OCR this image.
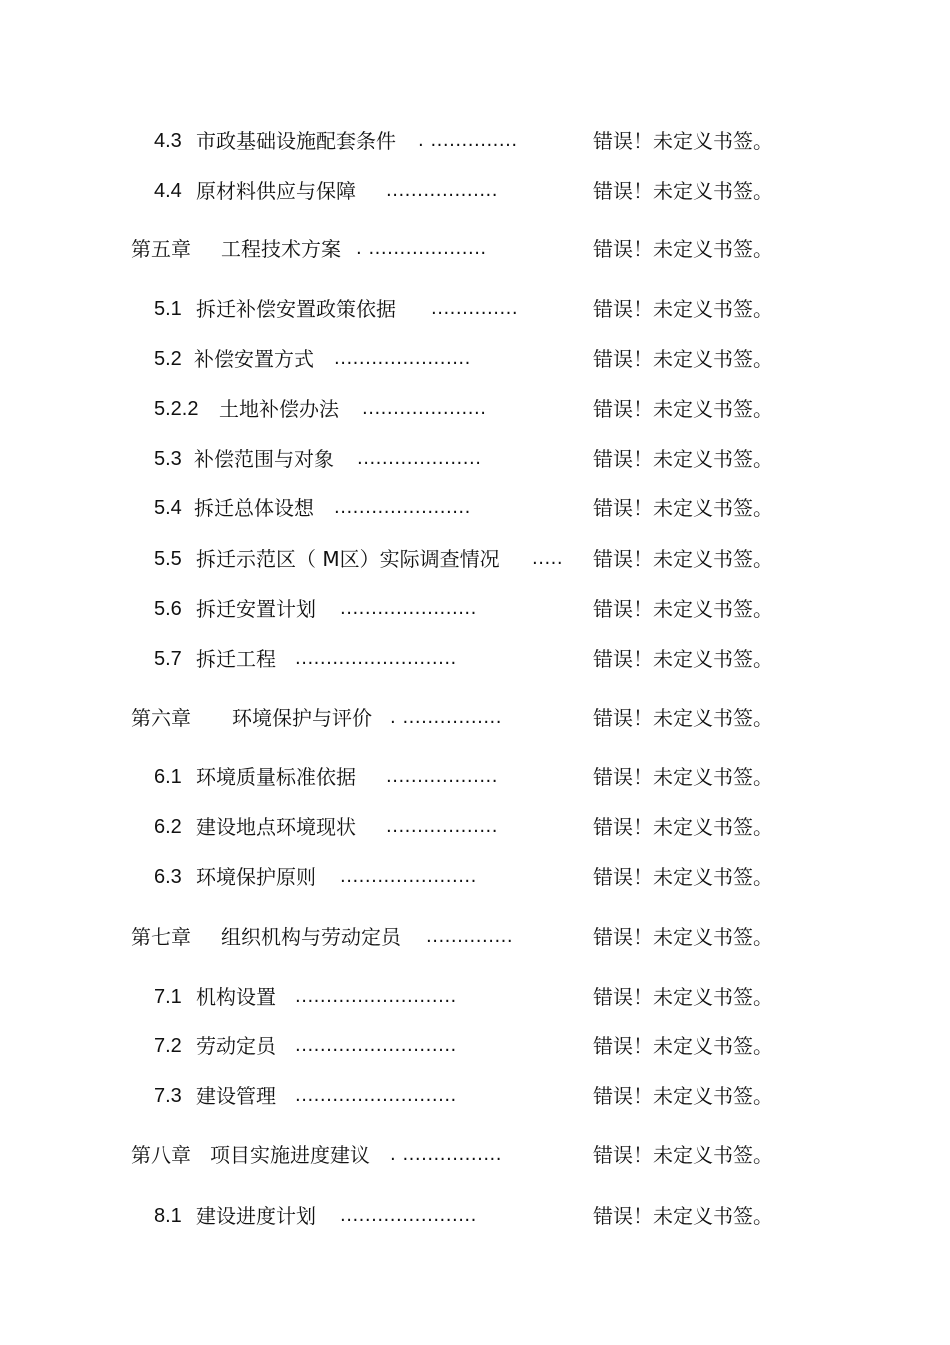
4.3 市政基础设施配套条件 . ..............	错误！未定义书签。
4.4 原材料供应与保障 ..................	错误！未定义书签。
第五章 工程技术方案 . ...................	错误！未定义书签。
5.1 拆迁补偿安置政策依据 ..............	错误！未定义书签。
5.2 补偿安置方式 ......................	错误！未定义书签。
5.2.2 土地补偿办法 ....................	错误！未定义书签。
5.3 补偿范围与对象 ....................	错误！未定义书签。
5.4 拆迁总体设想 ......................	错误！未定义书签。
5.5 拆迁示范区（ M区）实际调查情况 ..... 错误！未定义书签。
5.6 拆迁安置计划 ......................	错误！未定义书签。
5.7 拆迁工程 ..........................	错误！未定义书签。
第六章 环境保护与评价 . ................	错误！未定义书签。
6.1 环境质量标准依据 ..................	错误！未定义书签。
6.2 建设地点环境现状 ..................	错误！未定义书签。
6.3 环境保护原则 ......................	错误！未定义书签。
第七章 组织机构与劳动定员 ..............	错误！未定义书签。
7.1 机构设置 ..........................	错误！未定义书签。
7.2 劳动定员 ..........................	错误！未定义书签。
7.3 建设管理 ..........................	错误！未定义书签。
第八章 项目实施进度建议 . ................	错误！未定义书签。
8.1 建设进度计划 ......................	错误！未定义书签。
